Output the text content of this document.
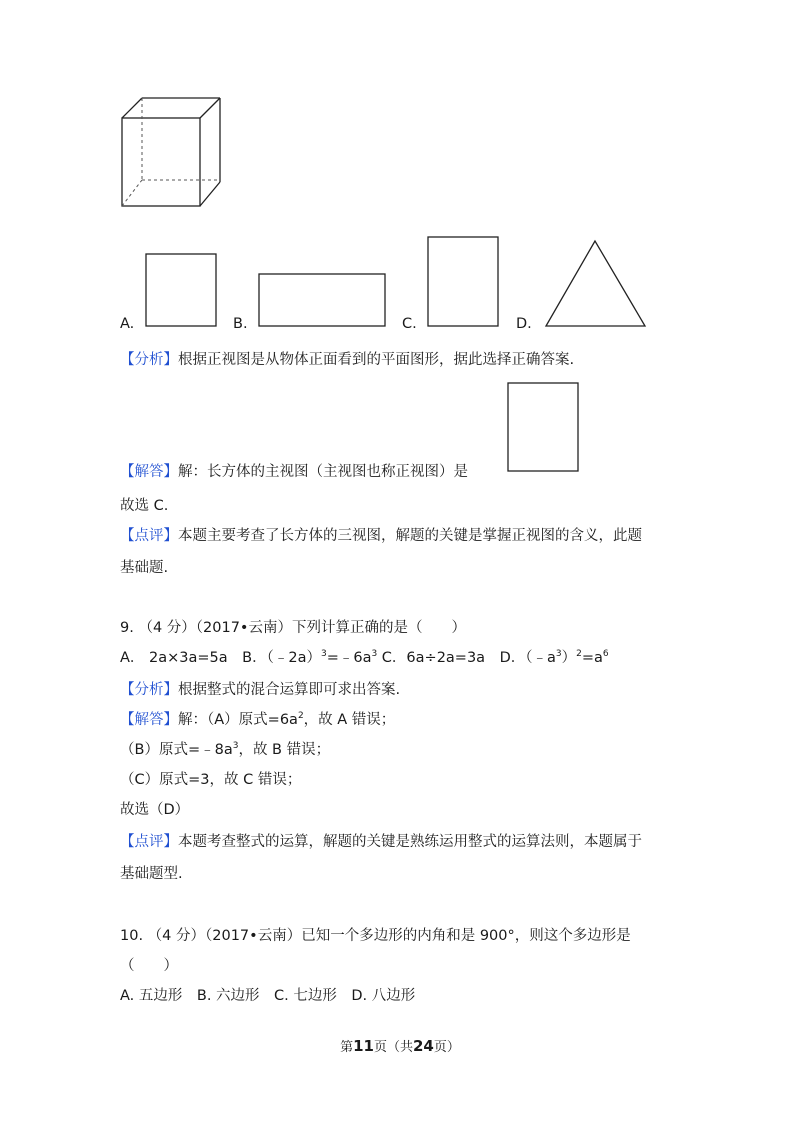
A.	B.	C.	D.
【分析】根据正视图是从物体正面看到的平面图形，据此选择正确答案.
【解答】解：长方体的主视图（主视图也称正视图）是
故选 C.
【点评】本题主要考查了长方体的三视图，解题的关键是掌握正视图的含义，此题
基础题.
9. （4 分）（2017•云南）下列计算正确的是（　　）
A． 2a×3a=5a　B．$(﹣2a)^3=﹣6a^3$ C．6a÷2a=3a　D．$(﹣a^3)^2=a^6$
【分析】根据整式的混合运算即可求出答案.
【解答】解：（A）原式$=6a^2$，故 A 错误；
（B）原式$=﹣8a^3$，故 B 错误；
（C）原式=3，故 C 错误；
故选（D）
【点评】本题考查整式的运算，解题的关键是熟练运用整式的运算法则，本题属于
基础题型.
10. （4 分）（2017•云南）已知一个多边形的内角和是 900°，则这个多边形是
（　　）
A. 五边形　B. 六边形　C. 七边形　D. 八边形
第11页（共24页）
